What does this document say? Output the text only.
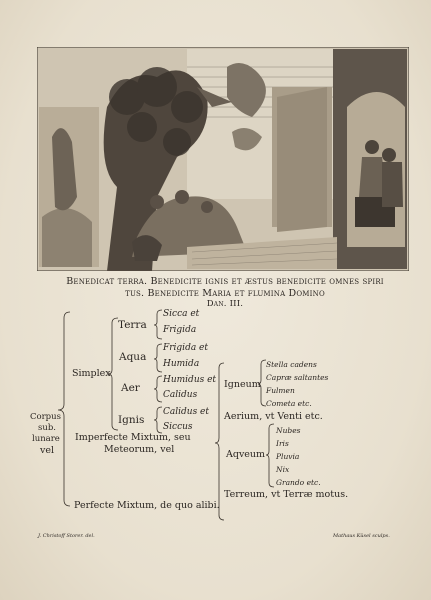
Benedicat terra. Benedicite ignis et æstus benedicite omnes spiri
tus. Benedicite Maria et flumina Domino
Dan. III.
Corpus
sub.
lunare
vel
Simplex
Terra
Aqua
Aer
Ignis
Sicca et
Frigida
Frigida et
Humida
Humidus et
Calidus
Calidus et
Siccus
Imperfecte Mixtum, seu
Meteorum, vel
Igneum
Stella cadens
Capræ saltantes
Fulmen
Cometa etc.
Aerium, vt Venti etc.
Aqveum
Nubes
Iris
Pluvia
Nix
Grando etc.
Terreum, vt Terræ motus.
Perfecte Mixtum, de quo alibi.
J. Christoff Storer. del.	Mathaus Küsel sculps.
